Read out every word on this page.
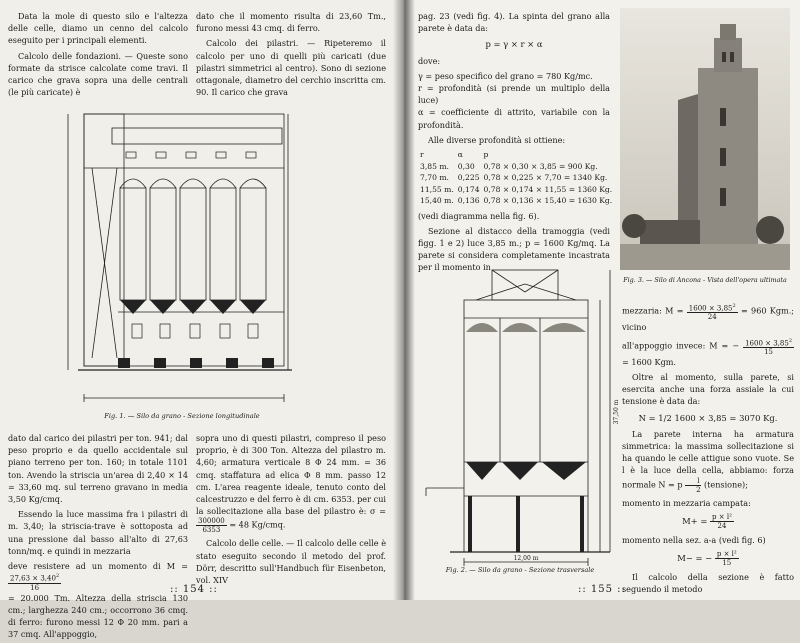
Data la mole di questo silo e l'altezza delle celle, diamo un cenno del calcolo eseguito per i principali elementi.

Calcolo delle fondazioni. — Queste sono formate da strisce calcolate come travi. Il carico che grava sopra una delle centrali (le più caricate) è

dato che il momento risulta di 23,60 Tm., furono messi 43 cmq. di ferro.

Calcolo dei pilastri. — Ripeteremo il calcolo per uno di quelli più caricati (due pilastri simmetrici al centro). Sono di sezione ottagonale, diametro del cerchio inscritta cm. 90. Il carico che grava

Fig. 1. — Silo da grano - Sezione longitudinale

dato dal carico dei pilastri per ton. 941; dal peso proprio e da quello accidentale sul piano terreno per ton. 160; in totale 1101 ton. Avendo la striscia un'area di 2,40 × 14 = 33,60 mq. sul terreno gravano in media 3,50 Kg/cmq.

Essendo la luce massima fra i pilastri di m. 3,40; la striscia-trave è sottoposta ad una pressione dal basso all'alto di 27,63 tonn/mq. e quindi in mezzaria

deve resistere ad un momento di M =
$\frac{27,63 \times 3,40^2}{16}$

= 20.000 Tm. Altezza della striscia 130 cm.; larghezza 240 cm.; occorrono 36 cmq. di ferro: furono messi 12 Φ 20 mm. pari a 37 cmq. All'appoggio,

sopra uno di questi pilastri, compreso il peso proprio, è di 300 Ton. Altezza del pilastro m. 4,60; armatura verticale 8 Φ 24 mm. = 36 cmq. staffatura ad elica Φ 8 mm. passo 12 cm. L'area reagente ideale, tenuto conto del calcestruzzo e del ferro è di cm. 6353. per cui la sollecitazione alla base del pilastro è: σ =
$\frac{300000}{6353} = 48$ Kg/cmq.

Calcolo delle celle. — Il calcolo delle celle è stato eseguito secondo il metodo del prof. Dörr, descritto sull'Handbuch für Eisenbeton, vol. XIV

:: 154 ::

pag. 23 (vedi fig. 4). La spinta del grano alla parete è data da:

p = γ × r × α

dove:

γ = peso specifico del grano = 780 Kg/mc.

r = profondità (si prende un multiplo della luce)

α = coefficiente di attrito, variabile con la profondità.

Alle diverse profondità si ottiene:

r	α	p
3,85 m.	0,30	0,78 × 0,30 × 3,85 = 900 Kg.
7,70 m.	0,225	0,78 × 0,225 × 7,70 = 1340 Kg.
11,55 m.	0,174	0,78 × 0,174 × 11,55 = 1360 Kg.
15,40 m.	0,136	0,78 × 0,136 × 15,40 = 1630 Kg.

(vedi diagramma nella fig. 6).

Sezione al distacco della tramoggia (vedi figg. 1 e 2) luce 3,85 m.; p = 1600 Kg/mq. La parete si considera completamente incastrata per il momento in

Fig. 3. — Silo di Ancona - Vista dell'opera ultimata
12,00 m
37,50 m
Fig. 2. — Silo da grano - Sezione trasversale

mezzaria: $M = \frac{1600 \times 3,85^2}{24} = 960$ Kgm.; vicino

all'appoggio invece: M = − $\frac{1600 \times 3,85^2}{15}$
= 1600 Kgm.

Oltre al momento, sulla parete, si esercita anche una forza assiale la cui tensione è data da:

N = 1/2 1600 × 3,85 = 3070 Kg.

La parete interna ha armatura simmetrica: la massima sollecitazione si ha quando le celle attigue sono vuote. Se l è la luce della cella, abbiamo: forza normale N = p $\frac{l}{2}$ (tensione);

momento in mezzaria campata:

$M+ = \frac{\text{p × l²}}{24}$

momento nella sez. a-a (vedi fig. 6)

M− = − $\frac{\text{p × l²}}{15}$

Il calcolo della sezione è fatto seguendo il metodo

:: 155 ::
